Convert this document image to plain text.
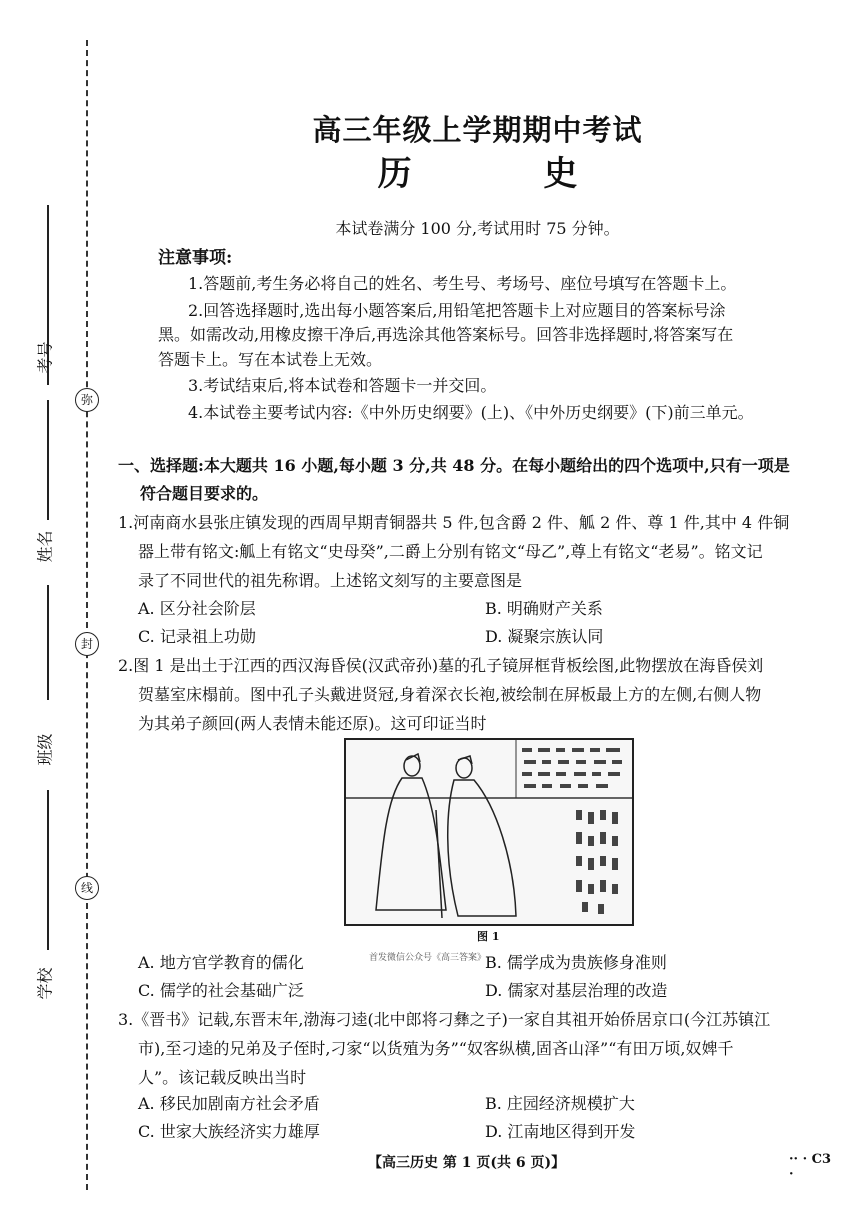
弥
封
线
考号
姓名
班级
学校
高三年级上学期期中考试
历 史
本试卷满分 100 分,考试用时 75 分钟。
注意事项:
1.答题前,考生务必将自己的姓名、考生号、考场号、座位号填写在答题卡上。
2.回答选择题时,选出每小题答案后,用铅笔把答题卡上对应题目的答案标号涂
黑。如需改动,用橡皮擦干净后,再选涂其他答案标号。回答非选择题时,将答案写在
答题卡上。写在本试卷上无效。
3.考试结束后,将本试卷和答题卡一并交回。
4.本试卷主要考试内容:《中外历史纲要》(上)、《中外历史纲要》(下)前三单元。
一、选择题:本大题共 16 小题,每小题 3 分,共 48 分。在每小题给出的四个选项中,只有一项是
符合题目要求的。
1.河南商水县张庄镇发现的西周早期青铜器共 5 件,包含爵 2 件、觚 2 件、尊 1 件,其中 4 件铜
器上带有铭文:觚上有铭文“史母癸”,二爵上分别有铭文“母乙”,尊上有铭文“老易”。铭文记
录了不同世代的祖先称谓。上述铭文刻写的主要意图是
A. 区分社会阶层	B. 明确财产关系
C. 记录祖上功勋	D. 凝聚宗族认同
2.图 1 是出土于江西的西汉海昏侯(汉武帝孙)墓的孔子镜屏框背板绘图,此物摆放在海昏侯刘
贺墓室床榻前。图中孔子头戴进贤冠,身着深衣长袍,被绘制在屏板最上方的左侧,右侧人物
为其弟子颜回(两人表情未能还原)。这可印证当时
图 1
首发微信公众号《高三答案》
A. 地方官学教育的儒化	B. 儒学成为贵族修身准则
C. 儒学的社会基础广泛	D. 儒家对基层治理的改造
3.《晋书》记载,东晋末年,渤海刁逵(北中郎将刁彝之子)一家自其祖开始侨居京口(今江苏镇江
市),至刁逵的兄弟及子侄时,刁家“以货殖为务”“奴客纵横,固吝山泽”“有田万顷,奴婢千
人”。该记载反映出当时
A. 移民加剧南方社会矛盾	B. 庄园经济规模扩大
C. 世家大族经济实力雄厚	D. 江南地区得到开发
【高三历史 第 1 页(共 6 页)】	·· · C3 ·
